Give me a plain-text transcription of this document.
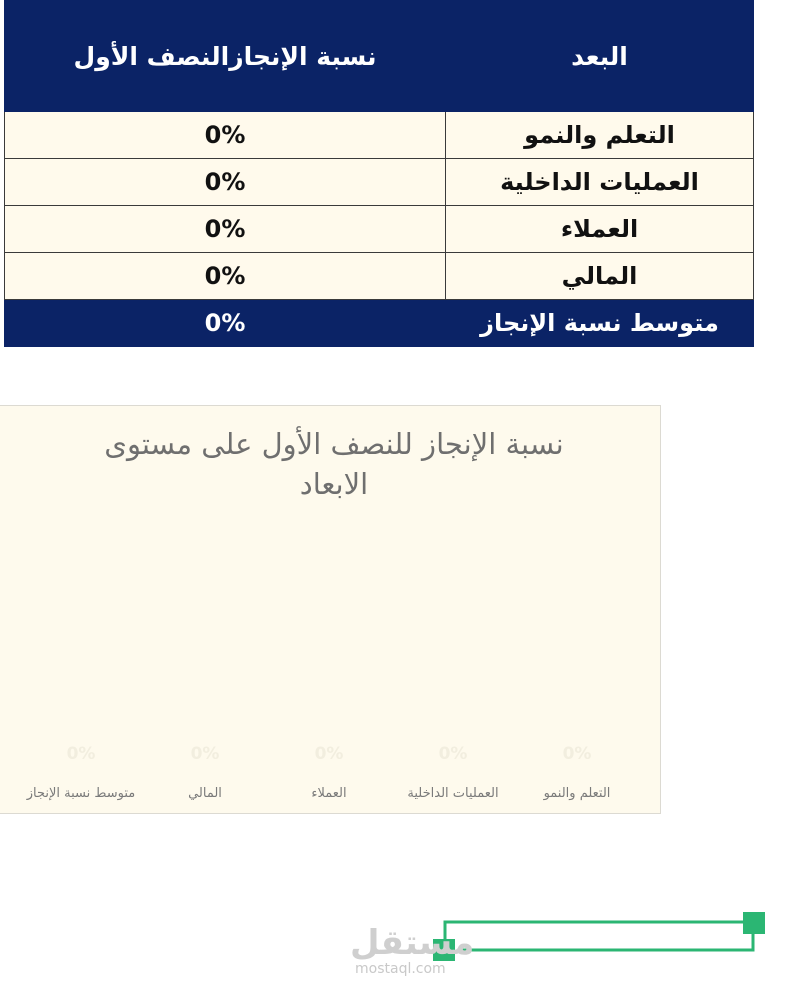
البعد	نسبة الإنجازالنصف الأول
التعلم والنمو	0%
العمليات الداخلية	0%
العملاء	0%
المالي	0%
متوسط نسبة الإنجاز	0%
نسبة الإنجاز للنصف الأول على مستوى الابعاد
0%
التعلم والنمو
0%
العمليات الداخلية
0%
العملاء
0%
المالي
0%
متوسط نسبة الإنجاز

مستقل

mostaql.com
